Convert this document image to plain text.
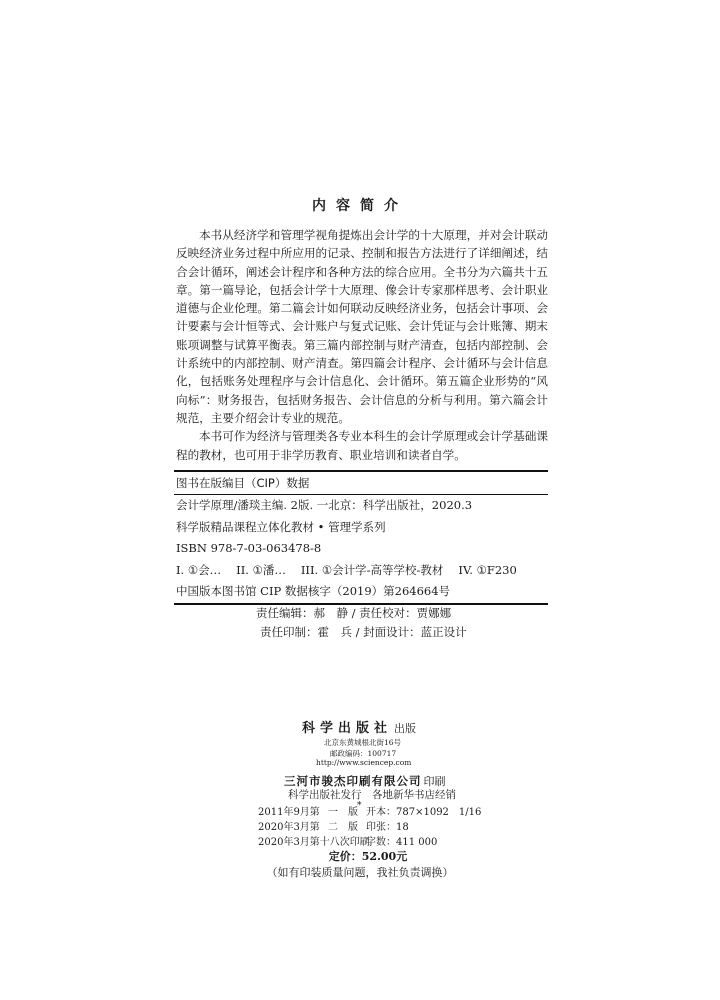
内容简介

本书从经济学和管理学视角提炼出会计学的十大原理，并对会计联动反映经济业务过程中所应用的记录、控制和报告方法进行了详细阐述，结合会计循环，阐述会计程序和各种方法的综合应用。全书分为六篇共十五章。第一篇导论，包括会计学十大原理、像会计专家那样思考、会计职业道德与企业伦理。第二篇会计如何联动反映经济业务，包括会计事项、会计要素与会计恒等式、会计账户与复式记账、会计凭证与会计账簿、期末账项调整与试算平衡表。第三篇内部控制与财产清查，包括内部控制、会计系统中的内部控制、财产清查。第四篇会计程序、会计循环与会计信息化，包括账务处理程序与会计信息化、会计循环。第五篇企业形势的“风向标”：财务报告，包括财务报告、会计信息的分析与利用。第六篇会计规范，主要介绍会计专业的规范。

本书可作为经济与管理类各专业本科生的会计学原理或会计学基础课程的教材，也可用于非学历教育、职业培训和读者自学。

图书在版编目（CIP）数据
会计学原理/潘琰主编. 2版. 一北京：科学出版社，2020.3
科学版精品课程立体化教材 • 管理学系列
ISBN 978-7-03-063478-8
I. ①会… II. ①潘… III. ①会计学-高等学校-教材 IV. ①F230
中国版本图书馆 CIP 数据核字（2019）第264664号
责任编辑：郝　静 / 责任校对：贾娜娜
责任印制：霍　兵 / 封面设计：蓝正设计
科学出版社 出版
北京东黄城根北街16号
邮政编码：100717
http://www.sciencep.com
三河市骏杰印刷有限公司 印刷
科学出版社发行　各地新华书店经销
*
2011年9月第 一　版 开本：787×1092　1/16
2020年3月第 二　版 印张：18
2020年3月第十八次印刷
字数：411 000
定价：52.00元
（如有印装质量问题，我社负责调换）
